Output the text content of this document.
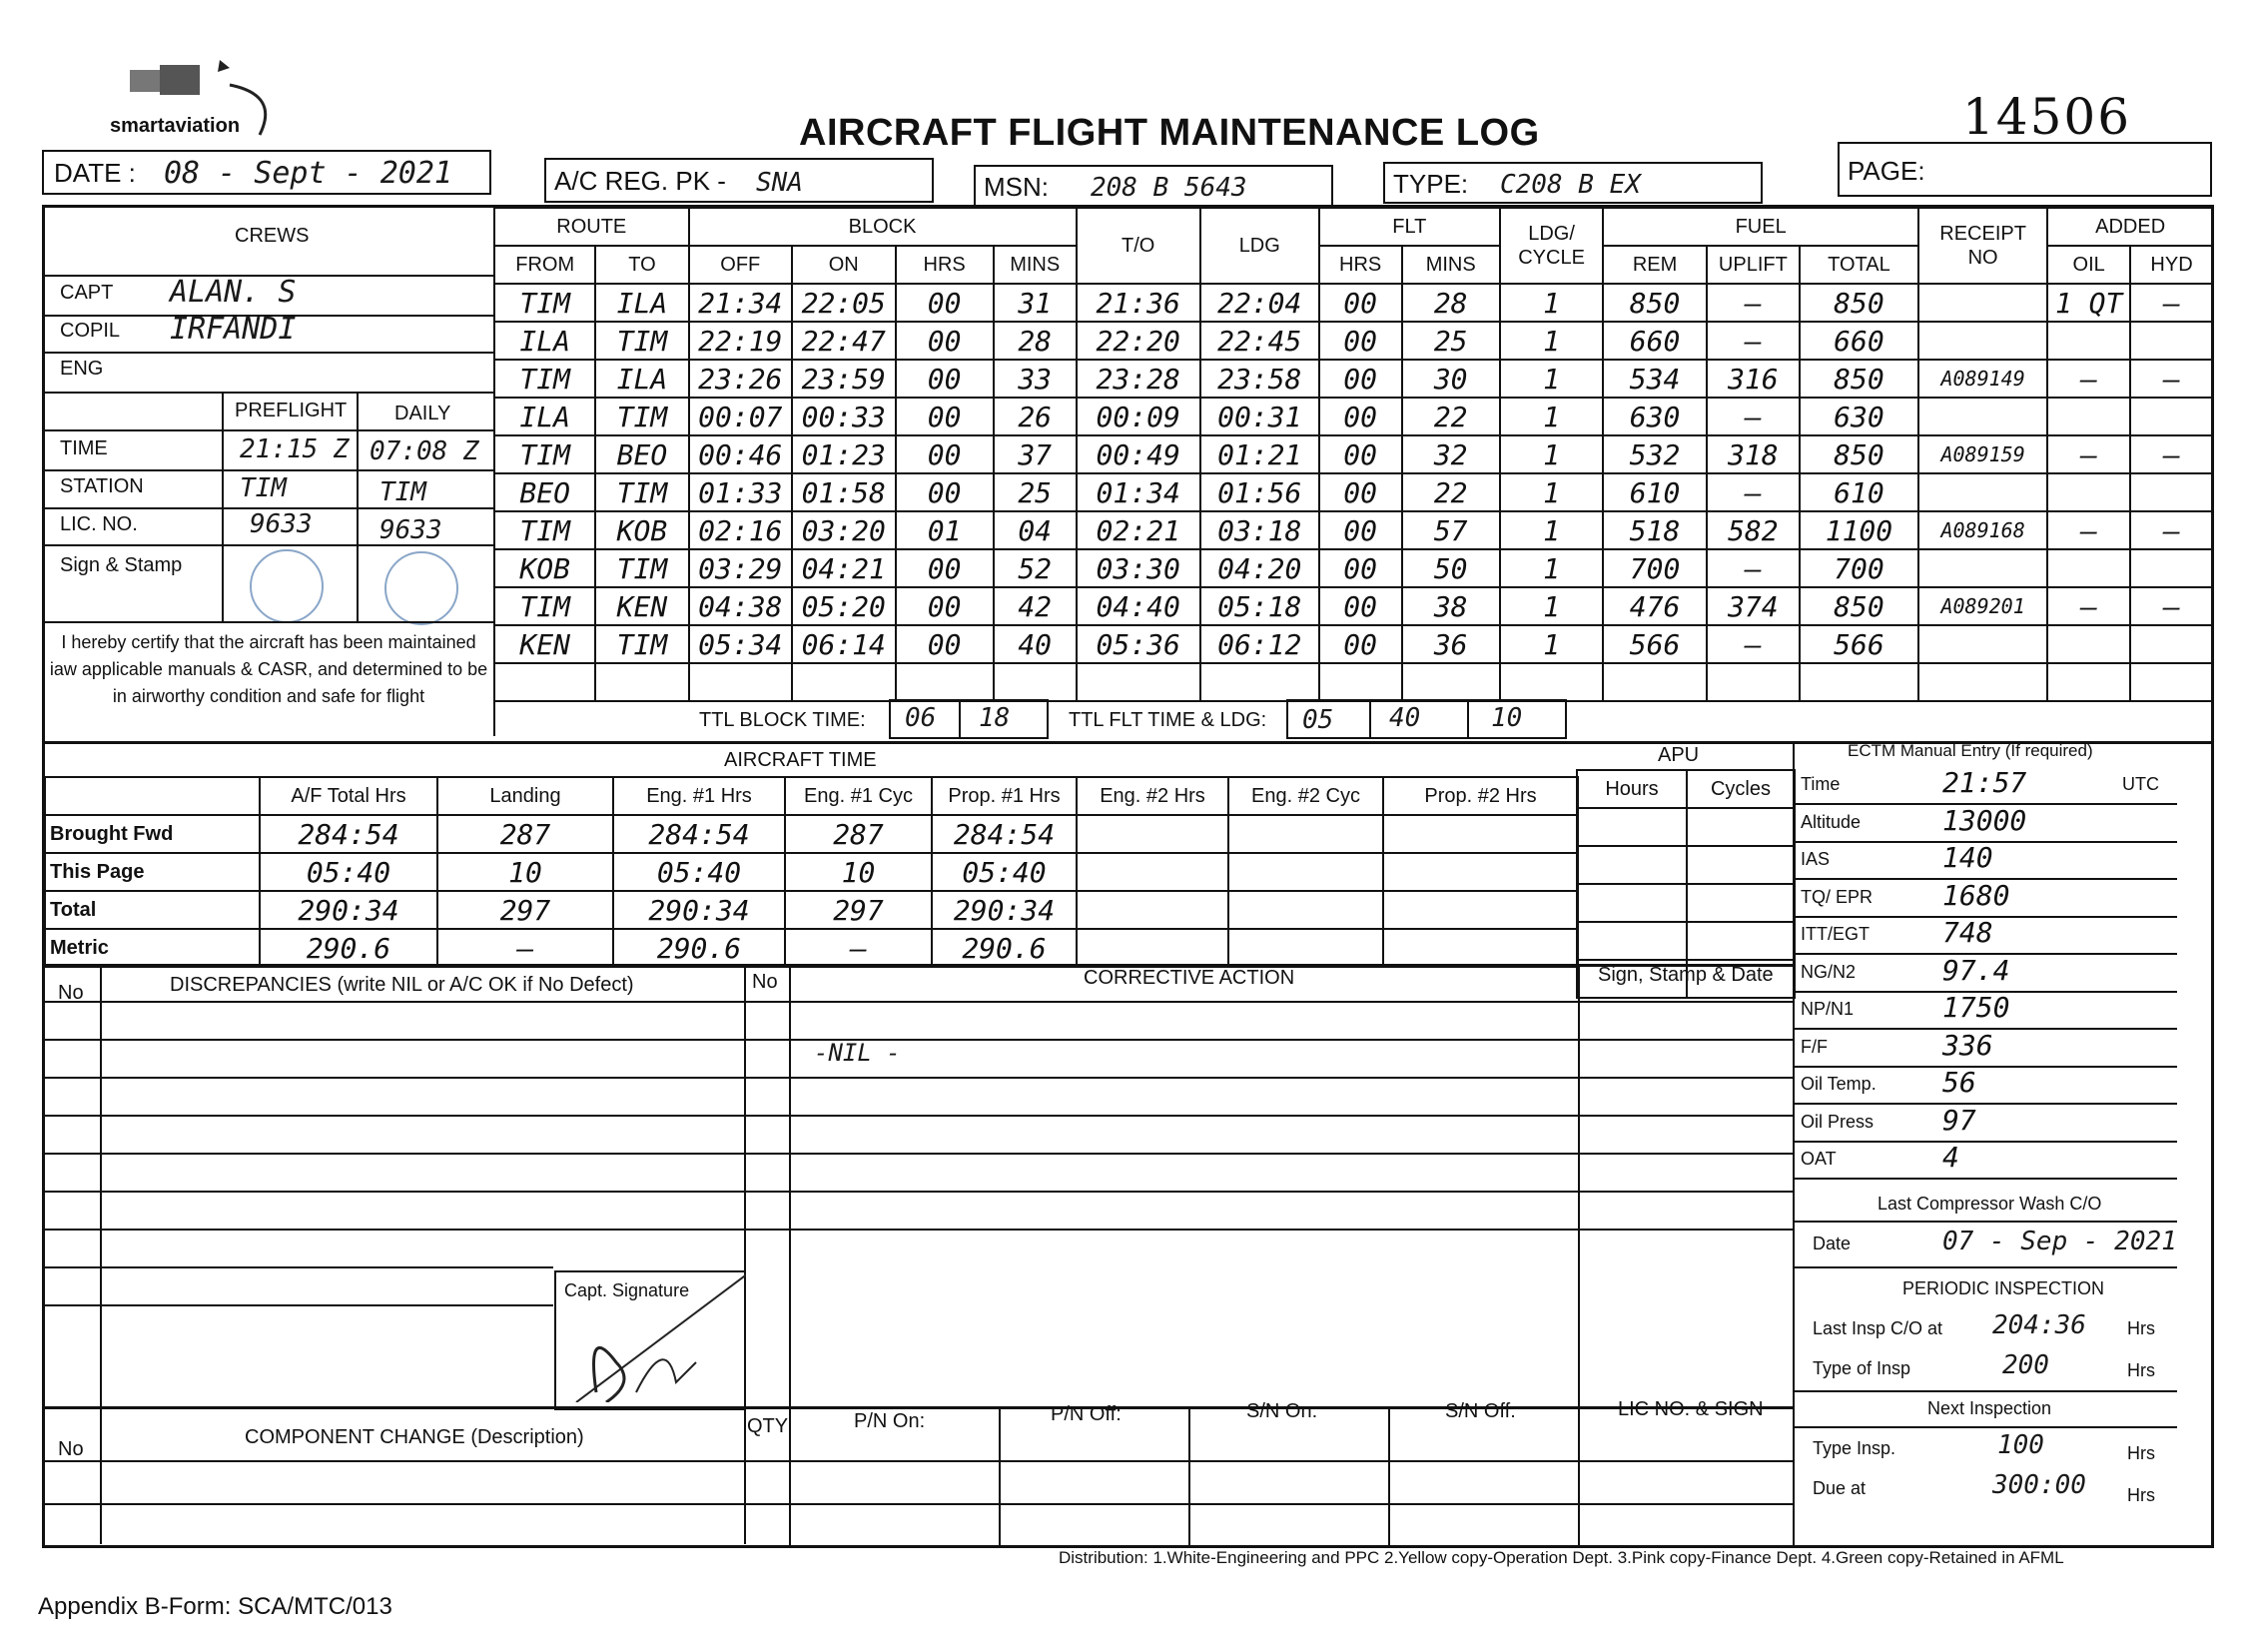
smartaviation	AIRCRAFT FLIGHT MAINTENANCE LOG	14506
DATE : 08 - Sept - 2021	A/C REG. PK - SNA	MSN: 208 B 5643	TYPE: C208 B EX	PAGE:
CREWS
CAPT ALAN. S
COPIL IRFANDI
ENG
PREFLIGHT DAILY
TIME	21:15 Z 07:08 Z
STATION	TIM	TIM
LIC. NO.	9633	9633
Sign & Stamp
I hereby certify that the aircraft has been maintained iaw applicable manuals & CASR, and determined to be in airworthy condition and safe for flight
ROUTE		BLOCK				T/O	LDG	FLT		LDG/ CYCLE	FUEL			RECEIPT NO	ADDED	
FROM	TO	OFF	ON	HRS	MINS			HRS	MINS		REM	UPLIFT	TOTAL		OIL	HYD
TIM	ILA	21:34	22:05	00	31	21:36	22:04	00	28	1	850	—	850		1 QT	—
ILA	TIM	22:19	22:47	00	28	22:20	22:45	00	25	1	660	—	660			
TIM	ILA	23:26	23:59	00	33	23:28	23:58	00	30	1	534	316	850	A089149	—	—
ILA	TIM	00:07	00:33	00	26	00:09	00:31	00	22	1	630	—	630			
TIM	BEO	00:46	01:23	00	37	00:49	01:21	00	32	1	532	318	850	A089159	—	—
BEO	TIM	01:33	01:58	00	25	01:34	01:56	00	22	1	610	—	610			
TIM	KOB	02:16	03:20	01	04	02:21	03:18	00	57	1	518	582	1100	A089168	—	—
KOB	TIM	03:29	04:21	00	52	03:30	04:20	00	50	1	700	—	700			
TIM	KEN	04:38	05:20	00	42	04:40	05:18	00	38	1	476	374	850	A089201	—	—
KEN	TIM	05:34	06:14	00	40	05:36	06:12	00	36	1	566	—	566			

TTL BLOCK TIME: 06 18	TTL FLT TIME & LDG: 05 40	10
AIRCRAFT TIME	APU	ECTM Manual Entry (If required)
	A/F Total Hrs	Landing	Eng. #1 Hrs	Eng. #1 Cyc	Prop. #1 Hrs	Eng. #2 Hrs	Eng. #2 Cyc	Prop. #2 Hrs
Brought Fwd	284:54	287	284:54	287	284:54			
This Page	05:40	10	05:40	10	05:40			
Total	290:34	297	290:34	297	290:34			
Metric	290.6	—	290.6	—	290.6			
Hours	Cycles

	Time	21:57	UTC
Altitude	13000
IAS	140
TQ/ EPR 1680
ITT/EGT	748
NG/N2	97.4
NP/N1	1750
F/F	336
Oil Temp. 56
Oil Press 97
OAT	4
Last Compressor Wash C/O
Date	07 - Sep - 2021
PERIODIC INSPECTION
Last Insp C/O at 204:36 Hrs
Type of Insp	200	Hrs
Next Inspection
Type Insp.	100	Hrs
Due at	300:00 Hrs
No	DISCREPANCIES (write NIL or A/C OK if No Defect)	No	CORRECTIVE ACTION	Sign, Stamp & Date
-NIL -
Capt. Signature
No
COMPONENT CHANGE (Description)	QTY	P/N On:	P/N Off:	S/N On:	S/N Off:	LIC NO. & SIGN
Distribution: 1.White-Engineering and PPC 2.Yellow copy-Operation Dept. 3.Pink copy-Finance Dept. 4.Green copy-Retained in AFML
Appendix B-Form: SCA/MTC/013
